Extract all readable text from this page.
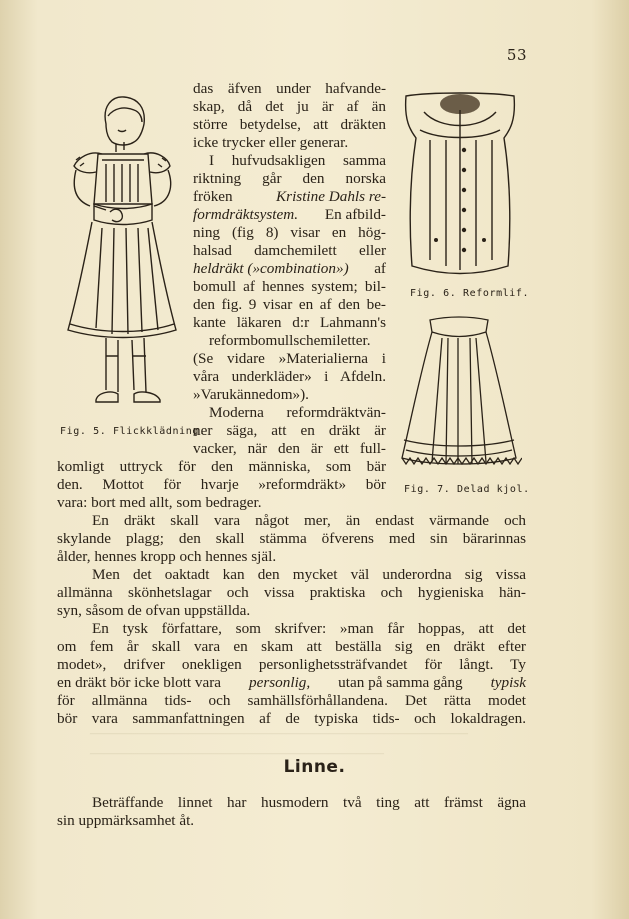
———————————————————————————
—————————————————————
53
Fig. 5. Flickklädning.
Fig. 6. Reformlif.
Fig. 7. Delad kjol.
das äfven under hafvande-
skap, då det ju är af än
större betydelse, att dräkten
icke trycker eller generar.
I hufvudsakligen samma
riktning går den norska
fröken	Kristine Dahls re-
formdräktsystem. En afbild-
ning (fig 8) visar en hög-
halsad damchemilett eller
heldräkt (»combination») af
bomull af hennes system; bil-
den fig. 9 visar en af den be-
kante läkaren d:r Lahmann's
reformbomullschemiletter.
(Se vidare »Materialierna i
våra underkläder» i Afdeln.
»Varukännedom»).
Moderna reformdräktvän-
ner säga, att en dräkt är
vacker, när den är ett full-
komligt uttryck för den människa, som bär
den. Mottot för hvarje »reformdräkt» bör
vara: bort med allt, som bedrager.
En dräkt skall vara något mer, än endast värmande och
skylande plagg; den skall stämma öfverens med sin bärarinnas
ålder, hennes kropp och hennes själ.
Men det oaktadt kan den mycket väl underordna sig vissa
allmänna skönhetslagar och vissa praktiska och hygieniska hän-
syn, såsom de ofvan uppställda.
En tysk författare, som skrifver: »man får hoppas, att det
om fem år skall vara en skam att beställa sig en dräkt efter
modet», drifver onekligen personlighetssträfvandet för långt. Ty
en dräkt bör icke blott vara personlig, utan på samma gång typisk
för allmänna tids- och samhällsförhållandena. Det rätta modet
bör vara sammanfattningen af de typiska tids- och lokaldragen.
Linne.
Beträffande linnet har husmodern två ting att främst ägna
sin uppmärksamhet åt.
